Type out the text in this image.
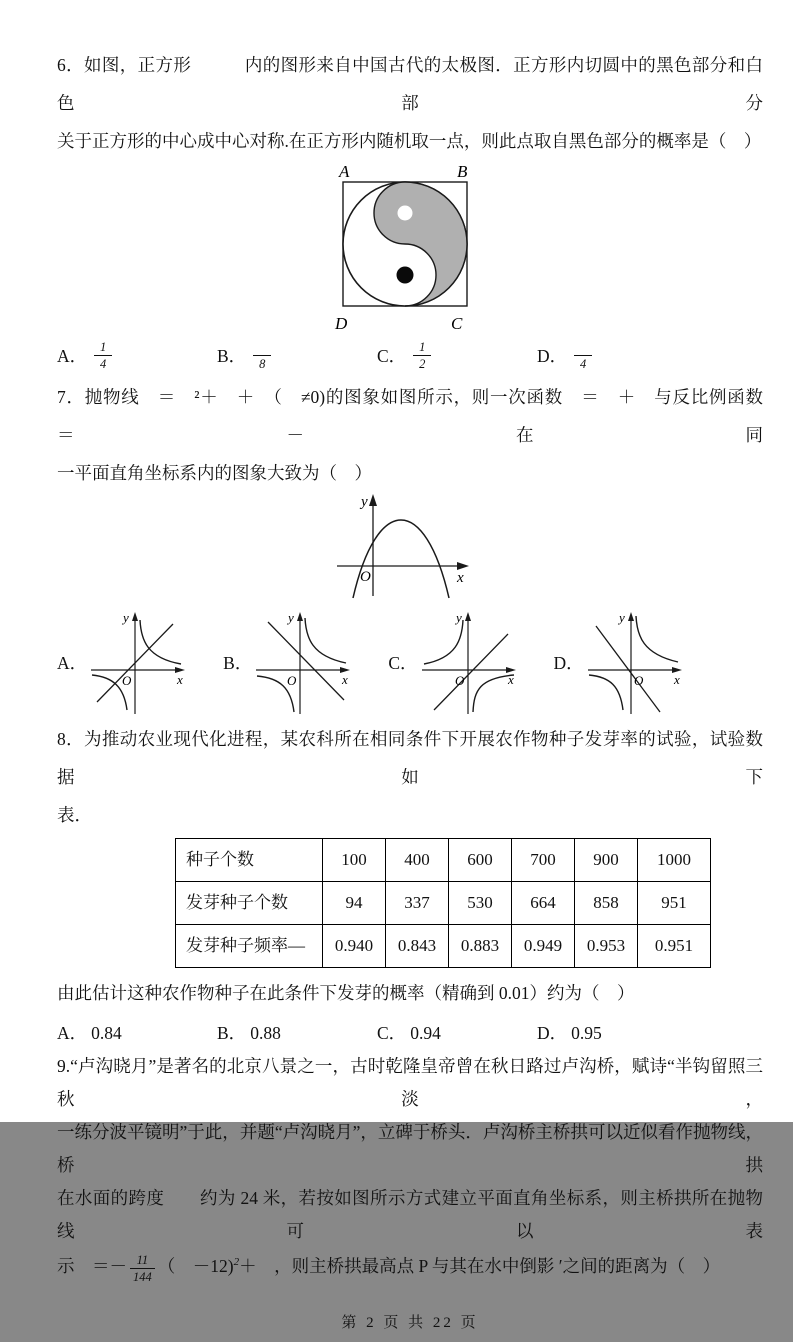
6．如图，正方形　　　内的图形来自中国古代的太极图．正方形内切圆中的黑色部分和白色部分
关于正方形的中心成中心对称.在正方形内随机取一点，则此点取自黑色部分的概率是（　）
A	B
D	C
A． $\frac{1}{4}$	B．	8	C． $\frac{1}{2}$	D．	4
7．抛物线　＝　²＋　＋　（　≠0)的图象如图所示，则一次函数　＝　＋　与反比例函数　＝－在同
一平面直角坐标系内的图象大致为（　）
O	x
y
A．
O	x
y
B．
O	x
y
C．
O	x
y
D．
O x
y
8．为推动农业现代化进程，某农科所在相同条件下开展农作物种子发芽率的试验，试验数据如下
表．
种子个数	100	400	600	700	900	1000
发芽种子个数	94	337	530	664	858	951
发芽种子频率—	0.940	0.843	0.883	0.949	0.953	0.951
由此估计这种农作物种子在此条件下发芽的概率（精确到 0.01）约为（　）
A． 0.84	B． 0.88	C． 0.94	D． 0.95
9.“卢沟晓月”是著名的北京八景之一，古时乾隆皇帝曾在秋日路过卢沟桥，赋诗“半钩留照三秋淡，
一练分波平镜明”于此，并题“卢沟晓月”，立碑于桥头．卢沟桥主桥拱可以近似看作抛物线，桥拱
在水面的跨度　　约为 24 米，若按如图所示方式建立平面直角坐标系，则主桥拱所在抛物线可以表
示　＝－ $\frac{11}{144}$ （　－12)$^2$＋　，则主桥拱最高点 P 与其在水中倒影 ′之间的距离为（　）
第 2 页 共 22 页
